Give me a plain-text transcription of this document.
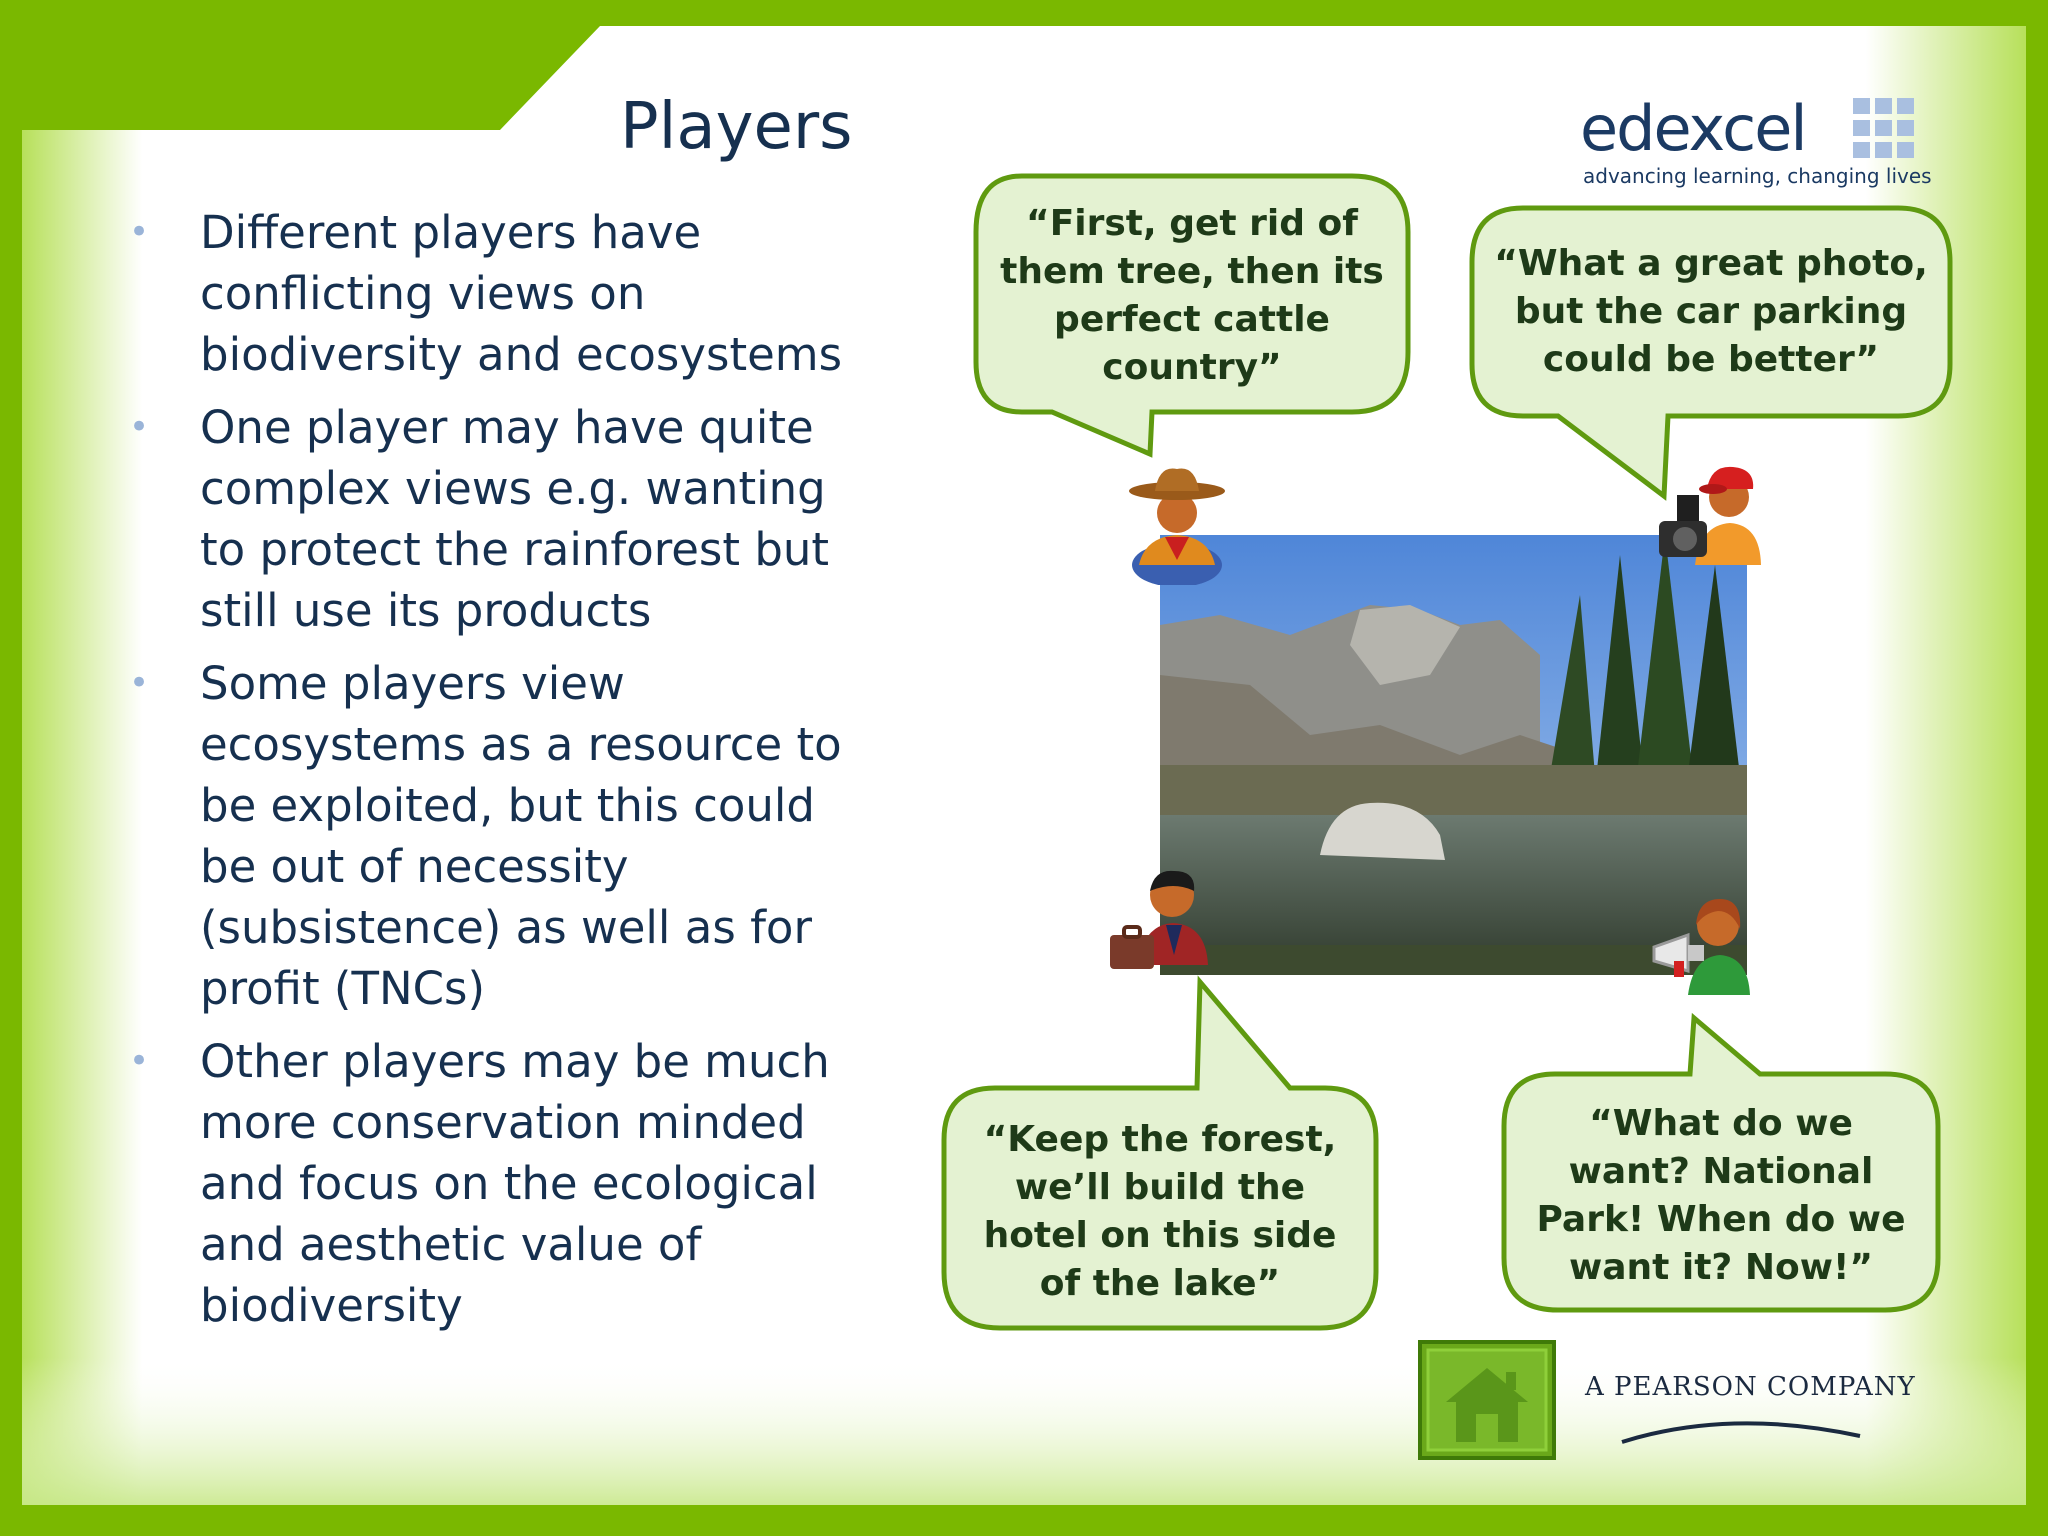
Players	edexcel
advancing learning, changing lives
• Different players have
conflicting views on
biodiversity and ecosystems
• One player may have quite
complex views e.g. wanting
to protect the rainforest but
still use its products
• Some players view
ecosystems as a resource to
be exploited, but this could
be out of necessity
(subsistence) as well as for
profit (TNCs)
• Other players may be much
more conservation minded
and focus on the ecological
and aesthetic value of
biodiversity
“First, get rid of
them tree, then its
perfect cattle
country”
“What a great photo,
but the car parking
could be better”
“Keep the forest,
we’ll build the
hotel on this side
of the lake”
“What do we
want? National
Park! When do we
want it? Now!”
A PEARSON COMPANY
